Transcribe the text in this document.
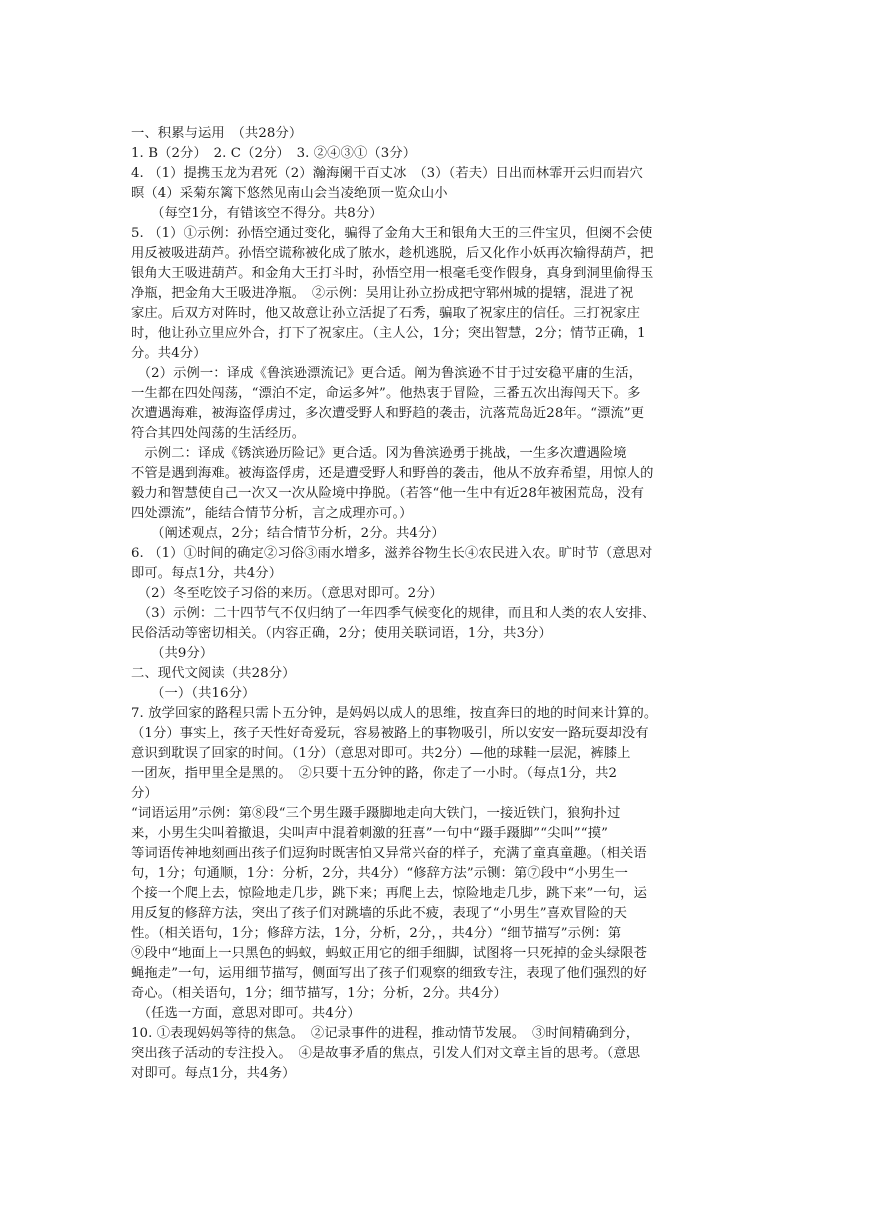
一、积累与运用　（共28分）
1. B（2分）　2. C（2分）　3. ②④③①（3分）
4. （1）提携玉龙为君死（2）瀚海阑干百丈冰　（3）（若夫）日出而林霏开云归而岩穴
暝（4）采菊东篱下悠然见南山会当凌绝顶一览众山小
　　（每空1分，有错该空不得分。共8分）
5. （1）①示例：孙悟空通过变化，骗得了金角大王和银角大王的三件宝贝，但阕不会使
用反被吸进葫芦。孙悟空谎称被化成了脓水，趁机逃脱，后又化作小妖再次输得葫芦，把
银角大王吸进葫芦。和金角大王打斗时，孙悟空用一根毫毛变作假身，真身到洞里偷得玉
净瓶，把金角大王吸进净瓶。　②示例：吴用让孙立扮成把守郓州城的提辖，混进了祝
家庄。后双方对阵时，他又故意让孙立活捉了石秀，骗取了祝家庄的信任。三打祝家庄
时，他让孙立里应外合，打下了祝家庄。（主人公，1分；突出智慧，2分；情节正确，1
分。共4分）
　（2）示例一：译成《鲁滨逊漂流记》更合适。阐为鲁滨逊不甘于过安稳平庸的生活，
一生都在四处闯荡，“漂泊不定，命运多舛”。他热衷于冒险，三番五次出海闯天下。多
次遭遇海难，被海盗俘虏过，多次遭受野人和野趋的袭击，沆落荒岛近28年。“漂流”更
符合其四处闯荡的生活经历。
　示例二：译成《锈滨逊历险记》更合适。冈为鲁滨逊勇于挑战，一生多次遭遇险境
不管是遇到海难。被海盗俘虏，还是遭受野人和野兽的袭击，他从不放弃希望，用惊人的
毅力和智慧使自己一次又一次从险境中挣脱。（若答“他一生中有近28年被困荒岛，没有
四处漂流”，能结合情节分析，言之成理亦可。）
　　（阐述观点，2分；结合情节分析，2分。共4分）
6. （1）①时间的确定②习俗③雨水增多，滋养谷物生长④农民进入农。旷时节（意思对
即可。每点1分，共4分）
　（2）冬至吃饺子习俗的来历。（意思对即可。2分）
　（3）示例：二十四节气不仅归纳了一年四季气候变化的规律，而且和人类的农人安排、
民俗活动等密切相关。（内容正确，2分；使用关联词语，1分，共3分）
　　（共9分）
二、现代文阅读（共28分）
　　（一）（共16分）
7. 放学回家的路程只需卜五分钟，是妈妈以成人的思维，按直奔曰的地的时间来计算的。
（1分）事实上，孩子天性好奇爱玩，容易被路上的事物吸引，所以安安一路玩耍却没有
意识到耽误了回家的时间。（1分）（意思对即可。共2分）—他的球鞋一层泥，裤膝上
一团灰，指甲里全是黑的。　②只要十五分钟的路，你走了一小时。（每点1分，共2
分）
“词语运用”示例：第⑧段“三个男生蹑手蹑脚地走向大铁门，一接近铁门，狼狗扑过
来，小男生尖叫着撤退，尖叫声中混着刺激的狂喜”一句中“蹑手蹑脚”“尖叫”“摸”
等词语传神地刻画出孩子们逗狗时既害怕又异常兴奋的样子，充满了童真童趣。（相关语
句，1分；句通顺，1分：分析，2分，共4分）“修辞方法”示铡：第⑦段中“小男生一
个接一个爬上去，惊险地走几步，跳下来；再爬上去，惊险地走几步，跳下来”一句，运
用反复的修辞方法，突出了孩子们对跳墙的乐此不疲，表现了“小男生”喜欢冒险的天
性。（相关语句，1分；修辞方法，1分，分析，2分，，共4分）“细节描写”示例：第
⑨段中“地面上一只黑色的蚂蚁，蚂蚁正用它的细手细脚，试图将一只死掉的金头绿限苍
蝇拖走”一句，运用细节描写，侧面写出了孩子们观察的细致专注，表现了他们强烈的好
奇心。（相关语句，1分；细节描写，1分；分析，2分。共4分）
　（任选一方面，意思对即可。共4分）
10. ①表现妈妈等待的焦急。　②记录事件的进程，推动情节发展。　③时间精确到分，
突出孩子活动的专注投入。　④是故事矛盾的焦点，引发人们对文章主旨的思考。（意思
对即可。每点1分，共4务）
